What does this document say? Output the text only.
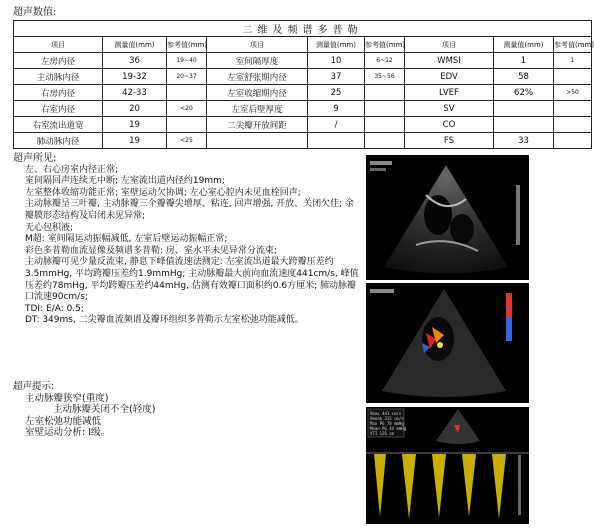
超声数值:
二维及频谱多普勒								
项目	测量值(mm)	参考值(mm)	项目	测量值(mm)	参考值(mm)	项目	测量值(mm)	参考值(mm)
左房内径	36	19~40	室间隔厚度	10	6~12	WMSI	1	1
主动脉内径	19-32	20~37	左室舒张期内径	37	35~56	EDV	58	
右房内径	42-33		左室收缩期内径	25		LVEF	62%	>50
右室内径	20	<20	左室后壁厚度	9		SV		
右室流出道宽	19		二尖瓣开放间距	/		CO		
肺动脉内径	19	<25				FS	33	
超声所见:

左、右心房室内径正常;

室间隔回声连续无中断; 左室流出道内径约19mm;

左室整体收缩功能正常; 室壁运动欠协调; 左心室心腔内未见血栓回声;

主动脉瓣呈三叶瓣, 主动脉瓣三个瓣瓣尖增厚、粘连, 回声增强, 开放、关闭欠佳; 余瓣膜形态结构及启闭未见异常;

无心包积液;

M超: 室间隔运动振幅减低, 左室后壁运动振幅正常;

彩色多普勒血流显像及频谱多普勒: 房、室水平未见异常分流束;

主动脉瓣可见少量反流束, 静息下峰值流速法测定: 左室流出道最大跨瓣压差约3.5mmHg, 平均跨瓣压差约1.9mmHg; 主动脉瓣最大前向血流速度441cm/s, 峰值压差约78mHg, 平均跨瓣压差约44mHg, 估测有效瓣口面积约0.6方厘米; 肺动脉瓣口流速90cm/s;

TDI: E/A: 0.5;

DT: 349ms, 二尖瓣血流频谱及瓣环组织多普勒示左室松弛功能减低。

超声提示:

主动脉瓣狭窄(重度)

主动脉瓣关闭不全(轻度)

左室松弛功能减低

室壁运动分析: Ⅰ级。

Vmax 441 cm/s
Vmean 315 cm/s
Max PG 78 mmHg
Mean PG 44 mmHg
VTI 126 cm
